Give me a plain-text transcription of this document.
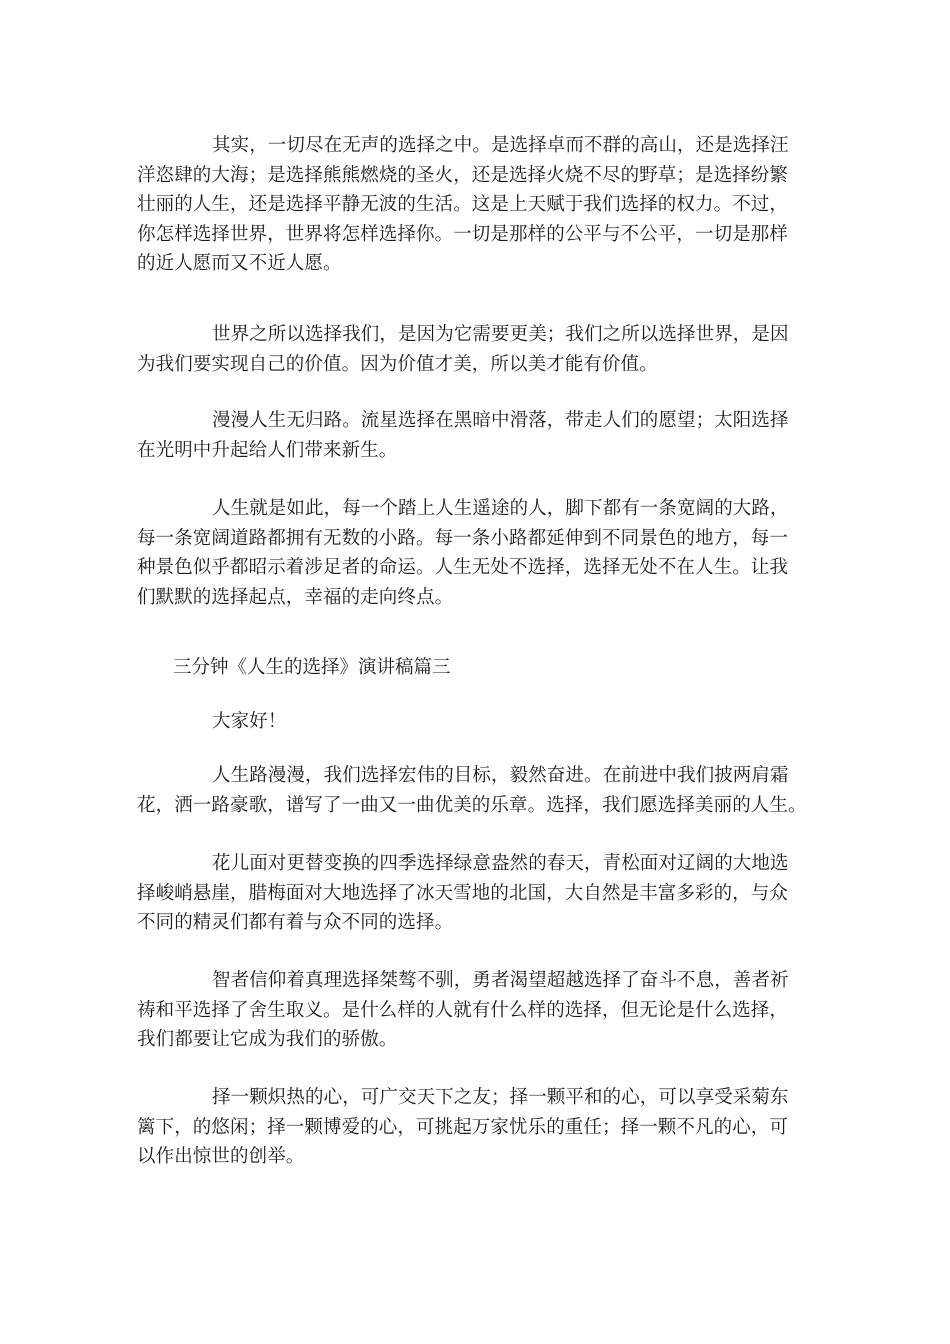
其实，一切尽在无声的选择之中。是选择卓而不群的高山，还是选择汪
洋恣肆的大海；是选择熊熊燃烧的圣火，还是选择火烧不尽的野草；是选择纷繁
壮丽的人生，还是选择平静无波的生活。这是上天赋于我们选择的权力。不过，
你怎样选择世界，世界将怎样选择你。一切是那样的公平与不公平，一切是那样
的近人愿而又不近人愿。
世界之所以选择我们，是因为它需要更美；我们之所以选择世界，是因
为我们要实现自己的价值。因为价值才美，所以美才能有价值。
漫漫人生无归路。流星选择在黑暗中滑落，带走人们的愿望；太阳选择
在光明中升起给人们带来新生。
人生就是如此，每一个踏上人生遥途的人，脚下都有一条宽阔的大路，
每一条宽阔道路都拥有无数的小路。每一条小路都延伸到不同景色的地方，每一
种景色似乎都昭示着涉足者的命运。人生无处不选择，选择无处不在人生。让我
们默默的选择起点，幸福的走向终点。
三分钟《人生的选择》演讲稿篇三
大家好！
人生路漫漫，我们选择宏伟的目标，毅然奋进。在前进中我们披两肩霜
花，洒一路豪歌，谱写了一曲又一曲优美的乐章。选择，我们愿选择美丽的人生。
花儿面对更替变换的四季选择绿意盎然的春天，青松面对辽阔的大地选
择峻峭悬崖，腊梅面对大地选择了冰天雪地的北国，大自然是丰富多彩的，与众
不同的精灵们都有着与众不同的选择。
智者信仰着真理选择桀骜不驯，勇者渴望超越选择了奋斗不息，善者祈
祷和平选择了舍生取义。是什么样的人就有什么样的选择，但无论是什么选择，
我们都要让它成为我们的骄傲。
择一颗炽热的心，可广交天下之友；择一颗平和的心，可以享受采菊东
篱下，的悠闲；择一颗博爱的心，可挑起万家忧乐的重任；择一颗不凡的心，可
以作出惊世的创举。
